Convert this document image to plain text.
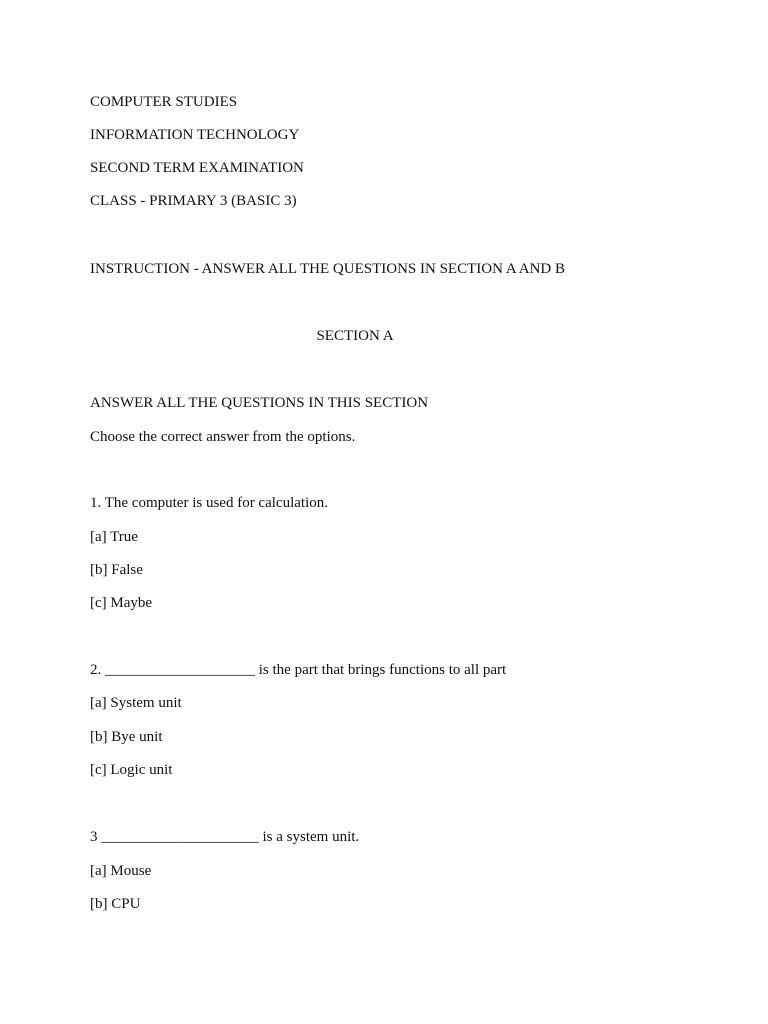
COMPUTER STUDIES
INFORMATION TECHNOLOGY
SECOND TERM EXAMINATION
CLASS - PRIMARY 3 (BASIC 3)
INSTRUCTION - ANSWER ALL THE QUESTIONS IN SECTION A AND B
SECTION A
ANSWER ALL THE QUESTIONS IN THIS SECTION
Choose the correct answer from the options.
1. The computer is used for calculation.
[a] True
[b] False
[c] Maybe
2. ____________________ is the part that brings functions to all part
[a] System unit
[b] Bye unit
[c] Logic unit
3 _____________________ is a system unit.
[a] Mouse
[b] CPU
